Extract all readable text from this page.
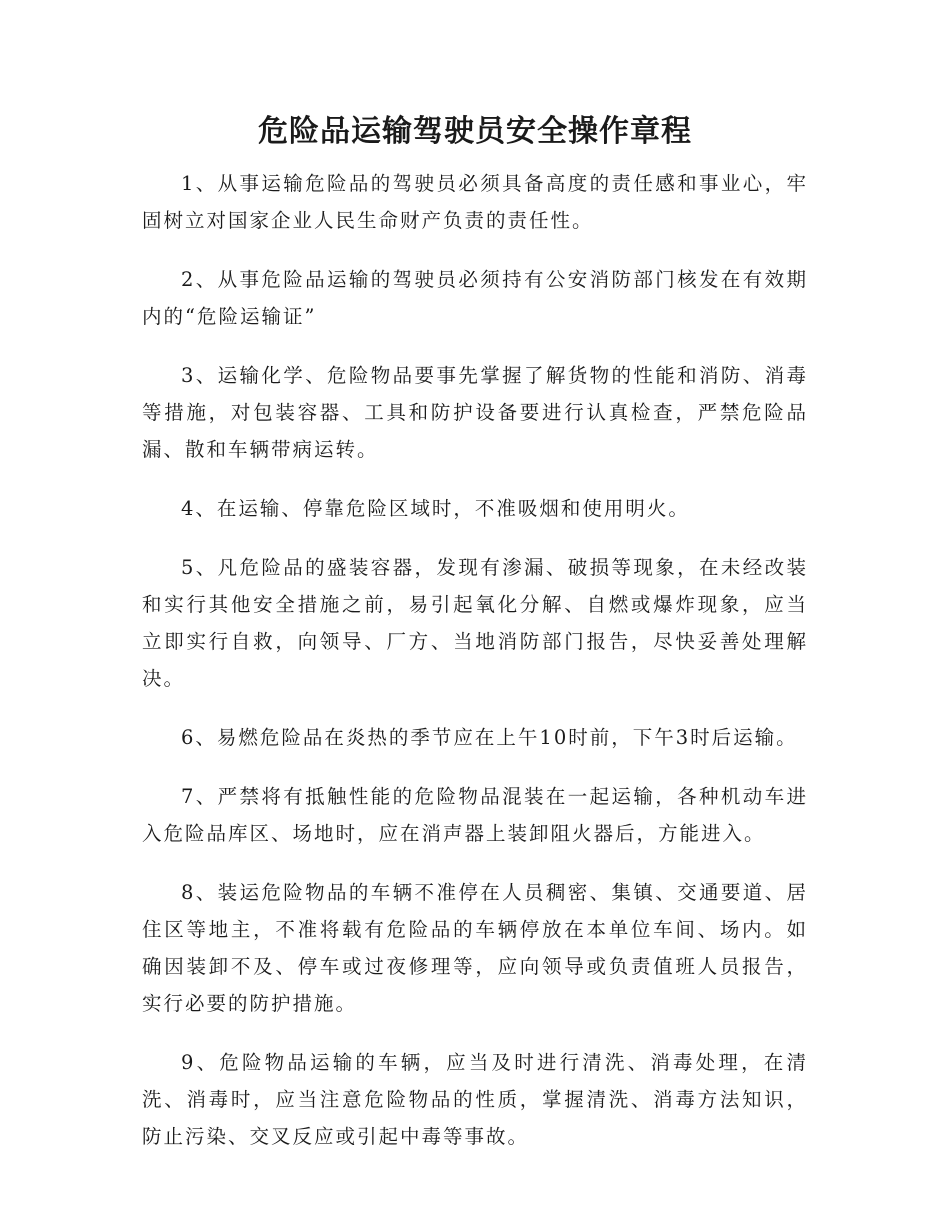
危险品运输驾驶员安全操作章程

1、从事运输危险品的驾驶员必须具备高度的责任感和事业心，牢固树立对国家企业人民生命财产负责的责任性。

2、从事危险品运输的驾驶员必须持有公安消防部门核发在有效期内的“危险运输证”

3、运输化学、危险物品要事先掌握了解货物的性能和消防、消毒等措施，对包装容器、工具和防护设备要进行认真检查，严禁危险品漏、散和车辆带病运转。

4、在运输、停靠危险区域时，不准吸烟和使用明火。

5、凡危险品的盛装容器，发现有渗漏、破损等现象，在未经改装和实行其他安全措施之前，易引起氧化分解、自燃或爆炸现象，应当立即实行自救，向领导、厂方、当地消防部门报告，尽快妥善处理解决。

6、易燃危险品在炎热的季节应在上午10时前，下午3时后运输。

7、严禁将有抵触性能的危险物品混装在一起运输，各种机动车进入危险品库区、场地时，应在消声器上装卸阻火器后，方能进入。

8、装运危险物品的车辆不准停在人员稠密、集镇、交通要道、居住区等地主，不准将载有危险品的车辆停放在本单位车间、场内。如确因装卸不及、停车或过夜修理等，应向领导或负责值班人员报告，实行必要的防护措施。

9、危险物品运输的车辆，应当及时进行清洗、消毒处理，在清洗、消毒时，应当注意危险物品的性质，掌握清洗、消毒方法知识，防止污染、交叉反应或引起中毒等事故。
